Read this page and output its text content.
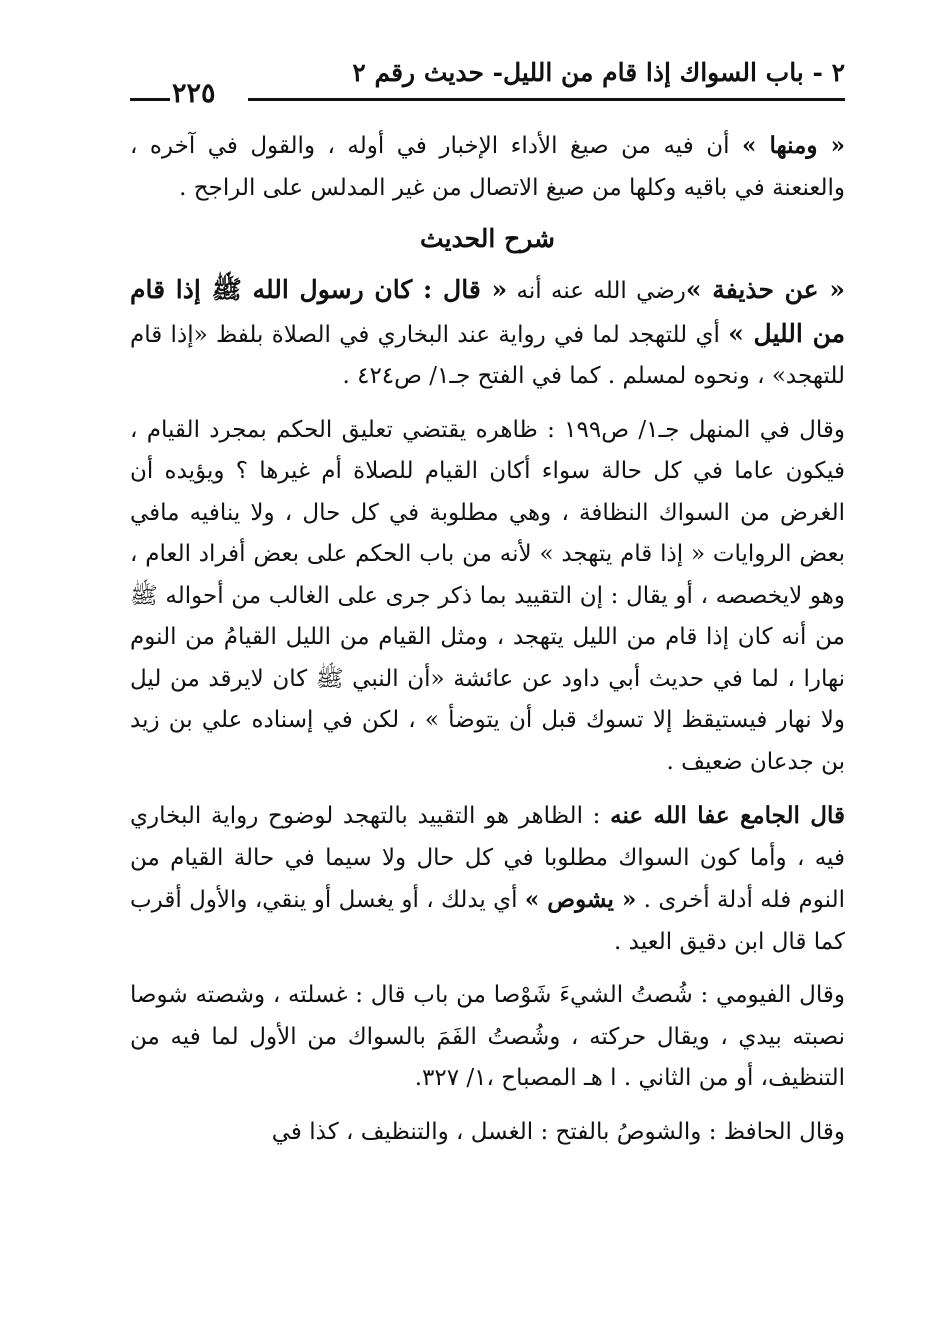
٢ - باب السواك إذا قام من الليل- حديث رقم ٢
٢٢٥

« ومنها » أن فيه من صيغ الأداء الإخبار في أوله ، والقول في آخره ، والعنعنة في باقيه وكلها من صيغ الاتصال من غير المدلس على الراجح .

شرح الحديث

« عن حذيفة »رضي الله عنه أنه « قال : كان رسول الله ﷺ إذا قام من الليل » أي للتهجد لما في رواية عند البخاري في الصلاة بلفظ «إذا قام للتهجد» ، ونحوه لمسلم . كما في الفتح جـ١/ ص٤٢٤ .

وقال في المنهل جـ١/ ص١٩٩ : ظاهره يقتضي تعليق الحكم بمجرد القيام ، فيكون عاما في كل حالة سواء أكان القيام للصلاة أم غيرها ؟ ويؤيده أن الغرض من السواك النظافة ، وهي مطلوبة في كل حال ، ولا ينافيه مافي بعض الروايات « إذا قام يتهجد » لأنه من باب الحكم على بعض أفراد العام ، وهو لايخصصه ، أو يقال : إن التقييد بما ذكر جرى على الغالب من أحواله ﷺ من أنه كان إذا قام من الليل يتهجد ، ومثل القيام من الليل القيامُ من النوم نهارا ، لما في حديث أبي داود عن عائشة «أن النبي ﷺ كان لايرقد من ليل ولا نهار فيستيقظ إلا تسوك قبل أن يتوضأ » ، لكن في إسناده علي بن زيد بن جدعان ضعيف .

قال الجامع عفا الله عنه : الظاهر هو التقييد بالتهجد لوضوح رواية البخاري فيه ، وأما كون السواك مطلوبا في كل حال ولا سيما في حالة القيام من النوم فله أدلة أخرى . « يشوص » أي يدلك ، أو يغسل أو ينقي، والأول أقرب كما قال ابن دقيق العيد .

وقال الفيومي : شُصتُ الشيءَ شَوْصا من باب قال : غسلته ، وشصته شوصا نصبته بيدي ، ويقال حركته ، وشُصتُ الفَمَ بالسواك من الأول لما فيه من التنظيف، أو من الثاني . ا هـ المصباح ،١/ ٣٢٧.

وقال الحافظ : والشوصُ بالفتح : الغسل ، والتنظيف ، كذا في
